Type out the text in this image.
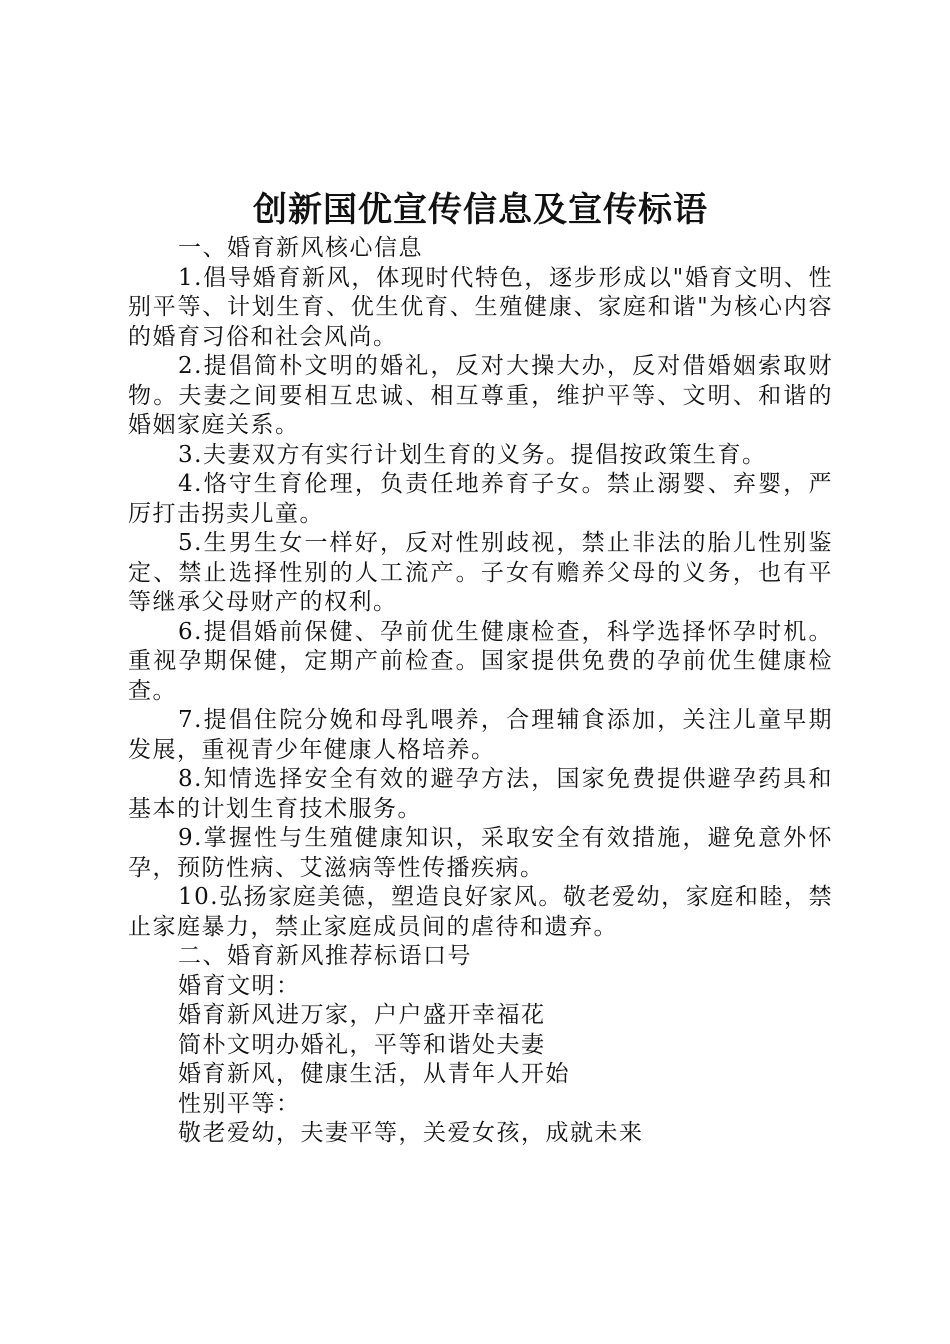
创新国优宣传信息及宣传标语

一、婚育新风核心信息

1.倡导婚育新风，体现时代特色，逐步形成以"婚育文明、性别平等、计划生育、优生优育、生殖健康、家庭和谐"为核心内容的婚育习俗和社会风尚。

2.提倡简朴文明的婚礼，反对大操大办，反对借婚姻索取财物。夫妻之间要相互忠诚、相互尊重，维护平等、文明、和谐的婚姻家庭关系。

3.夫妻双方有实行计划生育的义务。提倡按政策生育。

4.恪守生育伦理，负责任地养育子女。禁止溺婴、弃婴，严厉打击拐卖儿童。

5.生男生女一样好，反对性别歧视，禁止非法的胎儿性别鉴定、禁止选择性别的人工流产。子女有赡养父母的义务，也有平等继承父母财产的权利。

6.提倡婚前保健、孕前优生健康检查，科学选择怀孕时机。重视孕期保健，定期产前检查。国家提供免费的孕前优生健康检查。

7.提倡住院分娩和母乳喂养，合理辅食添加，关注儿童早期发展，重视青少年健康人格培养。

8.知情选择安全有效的避孕方法，国家免费提供避孕药具和基本的计划生育技术服务。

9.掌握性与生殖健康知识，采取安全有效措施，避免意外怀孕，预防性病、艾滋病等性传播疾病。

10.弘扬家庭美德，塑造良好家风。敬老爱幼，家庭和睦，禁止家庭暴力，禁止家庭成员间的虐待和遗弃。

二、婚育新风推荐标语口号

婚育文明：

婚育新风进万家，户户盛开幸福花

简朴文明办婚礼，平等和谐处夫妻

婚育新风，健康生活，从青年人开始

性别平等：

敬老爱幼，夫妻平等，关爱女孩，成就未来
